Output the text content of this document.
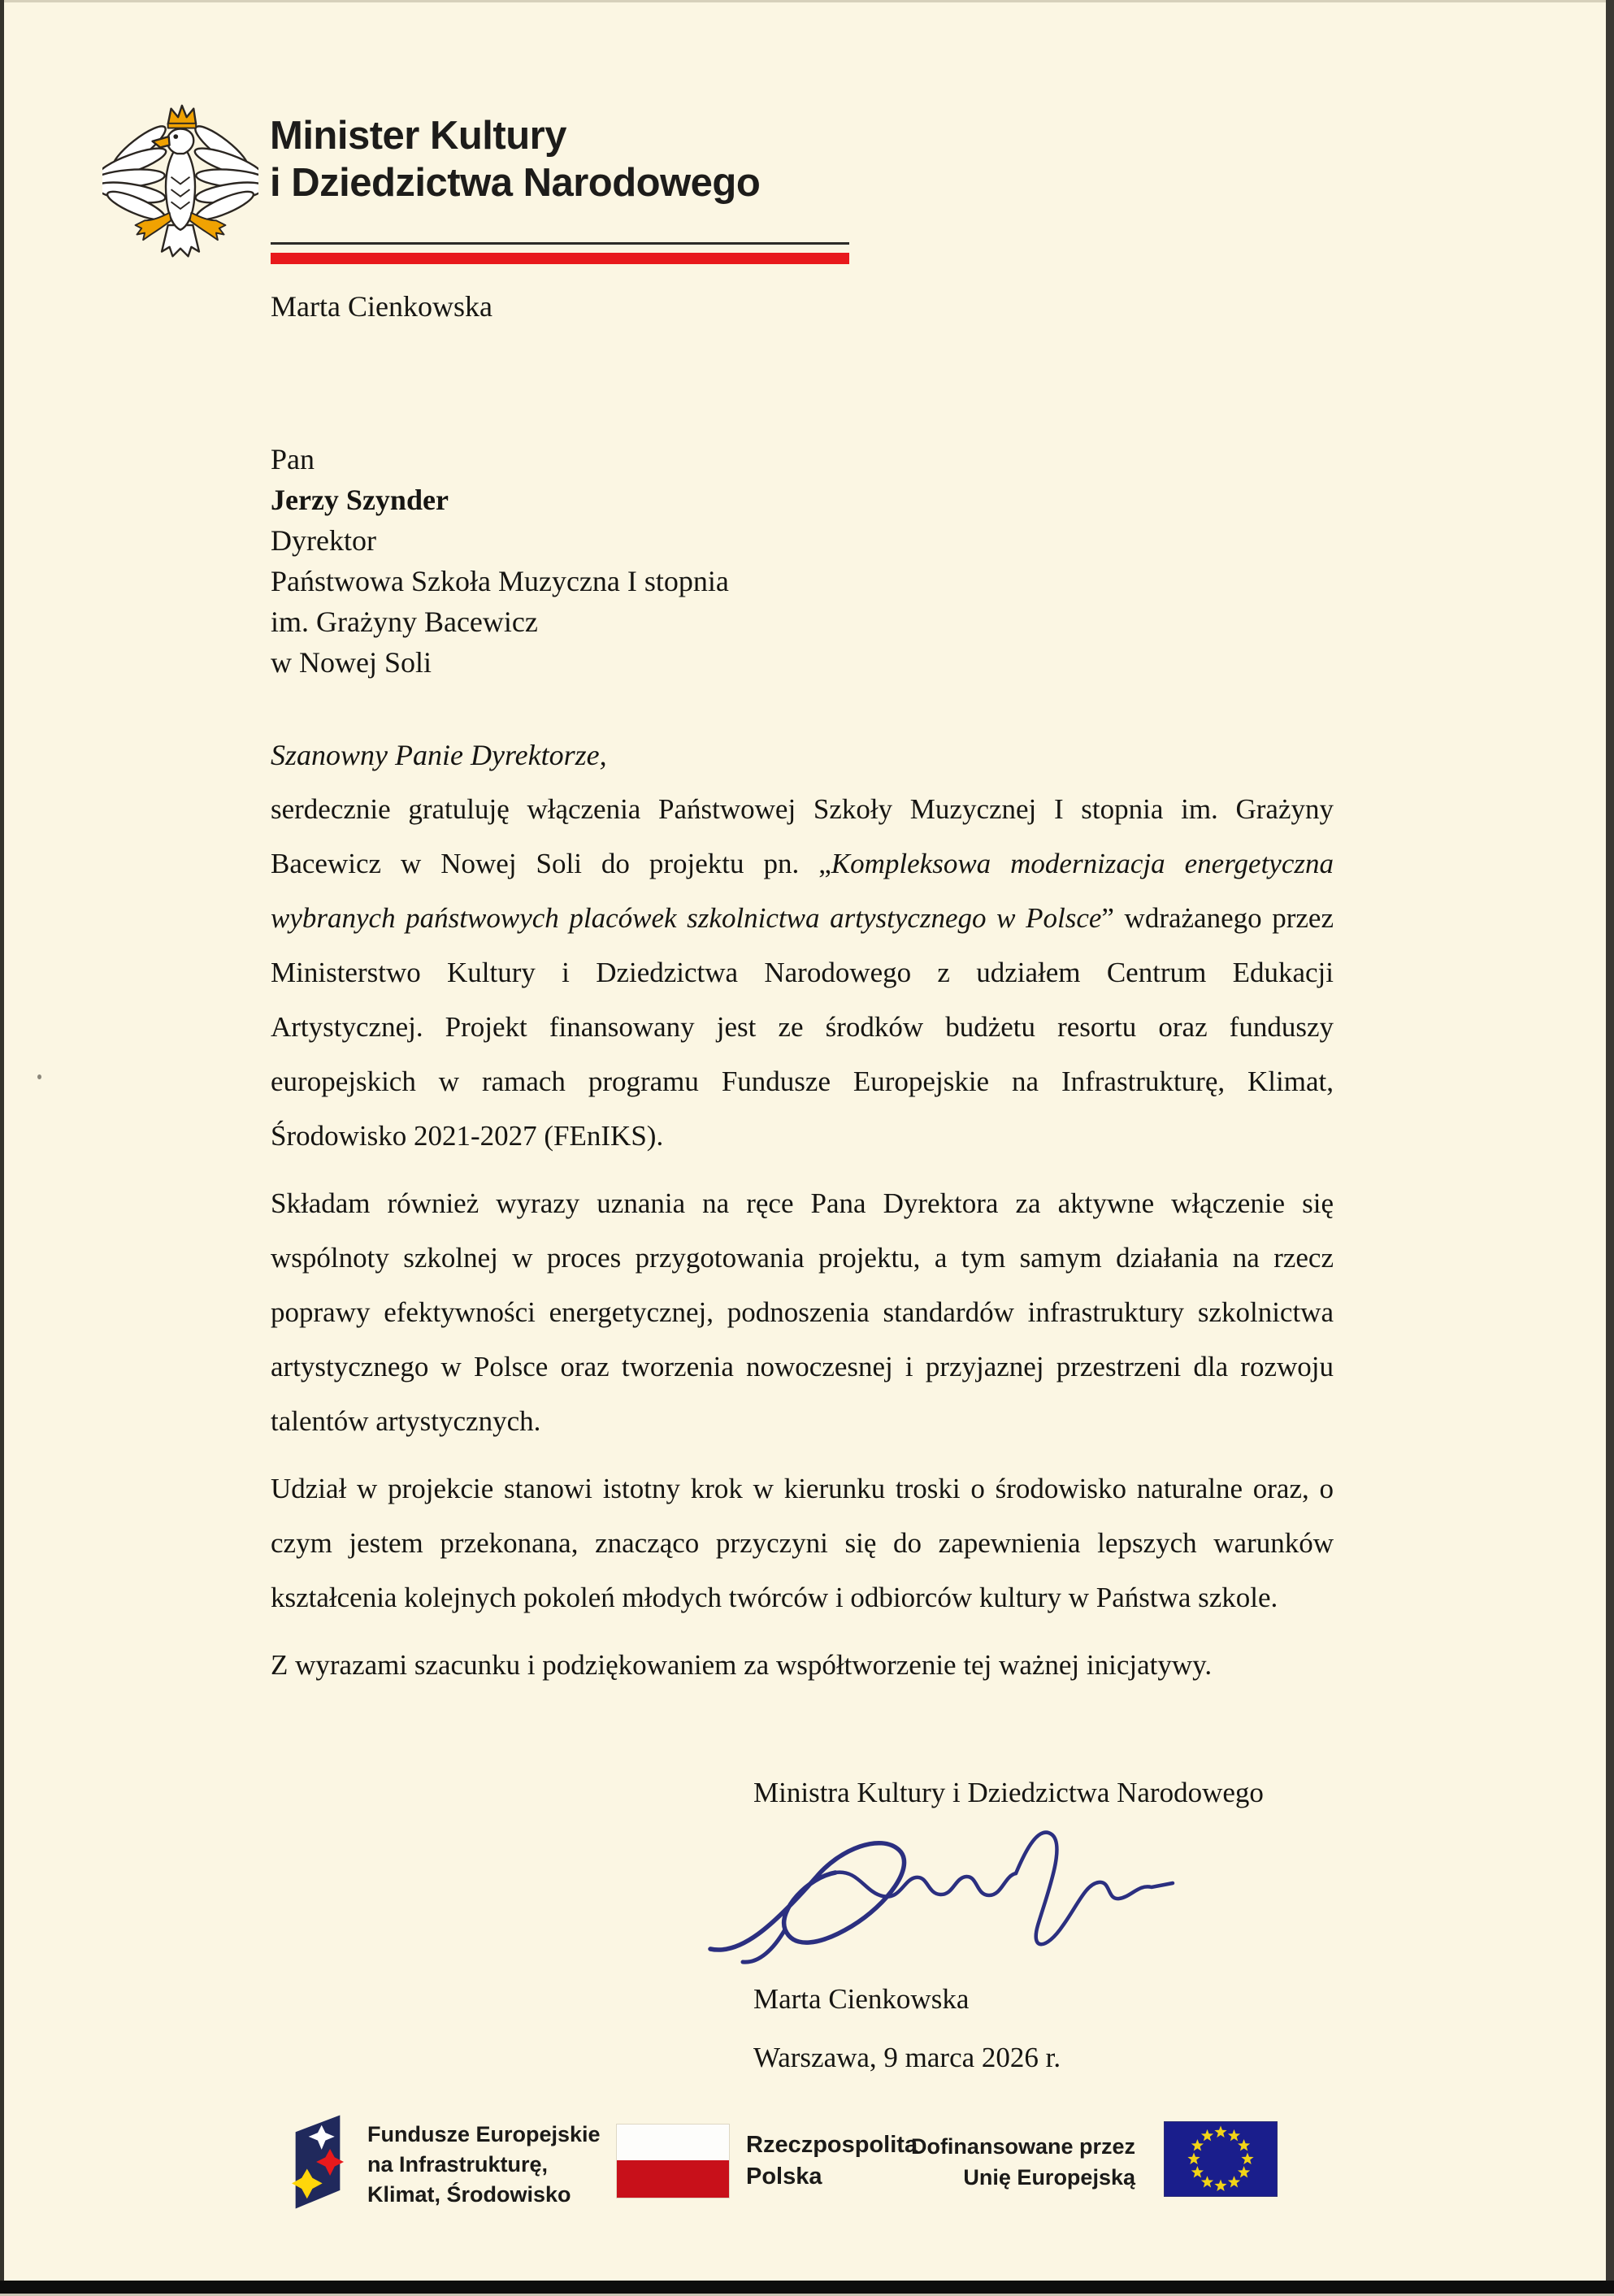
Minister Kultury
i Dziedzictwa Narodowego
Marta Cienkowska
Pan
Jerzy Szynder
Dyrektor
Państwowa Szkoła Muzyczna I stopnia
im. Grażyny Bacewicz
w Nowej Soli
Szanowny Panie Dyrektorze,

serdecznie gratuluję włączenia Państwowej Szkoły Muzycznej I stopnia im. Grażyny Bacewicz w Nowej Soli do projektu pn. „Kompleksowa modernizacja energetyczna wybranych państwowych placówek szkolnictwa artystycznego w Polsce” wdrażanego przez Ministerstwo Kultury i Dziedzictwa Narodowego z udziałem Centrum Edukacji Artystycznej. Projekt finansowany jest ze środków budżetu resortu oraz funduszy europejskich w ramach programu Fundusze Europejskie na Infrastrukturę, Klimat, Środowisko 2021-2027 (FEnIKS).

Składam również wyrazy uznania na ręce Pana Dyrektora za aktywne włączenie się wspólnoty szkolnej w proces przygotowania projektu, a tym samym działania na rzecz poprawy efektywności energetycznej, podnoszenia standardów infrastruktury szkolnictwa artystycznego w Polsce oraz tworzenia nowoczesnej i przyjaznej przestrzeni dla rozwoju talentów artystycznych.

Udział w projekcie stanowi istotny krok w kierunku troski o środowisko naturalne oraz, o czym jestem przekonana, znacząco przyczyni się do zapewnienia lepszych warunków kształcenia kolejnych pokoleń młodych twórców i odbiorców kultury w Państwa szkole.

Z wyrazami szacunku i podziękowaniem za współtworzenie tej ważnej inicjatywy.

Ministra Kultury i Dziedzictwa Narodowego
Marta Cienkowska
Warszawa, 9 marca 2026 r.
Fundusze Europejskie
na Infrastrukturę,
Klimat, Środowisko
Rzeczpospolita
Polska
Dofinansowane przez
Unię Europejską
